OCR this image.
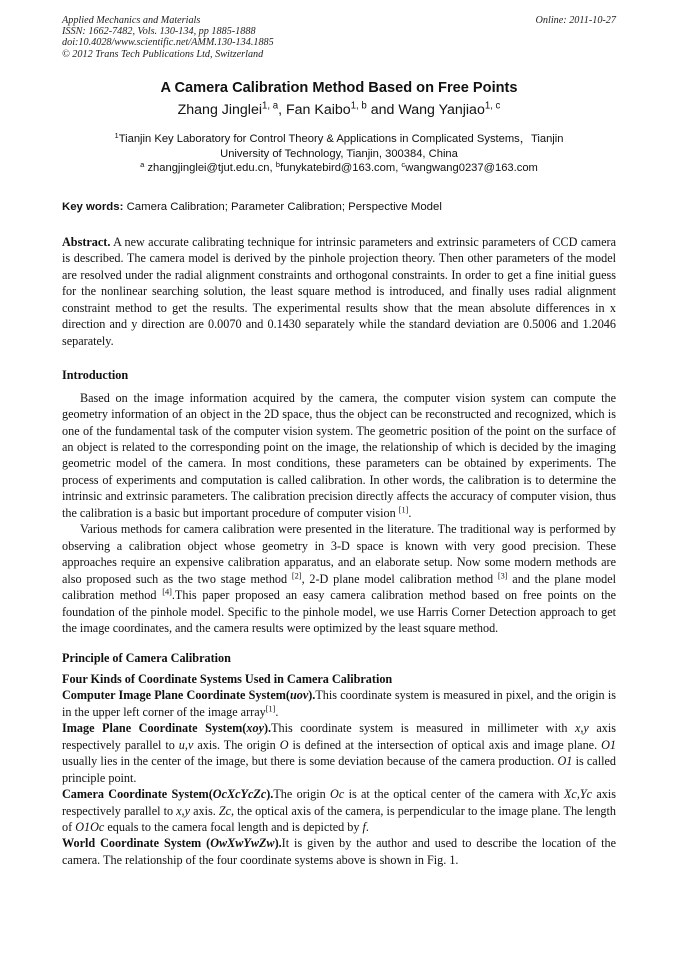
Applied Mechanics and Materials
ISSN: 1662-7482, Vols. 130-134, pp 1885-1888
doi:10.4028/www.scientific.net/AMM.130-134.1885
© 2012 Trans Tech Publications Ltd, Switzerland
Online: 2011-10-27
A Camera Calibration Method Based on Free Points
Zhang Jinglei$^{1, a}$, Fan Kaibo$^{1, b}$ and Wang Yanjiao$^{1, c}$
$^1$Tianjin Key Laboratory for Control Theory & Applications in Complicated Systems，Tianjin
University of Technology, Tianjin, 300384, China
$^a$ zhangjinglei@tjut.edu.cn, $^b$funykatebird@163.com, $^c$wangwang0237@163.com
Key words: Camera Calibration; Parameter Calibration; Perspective Model

Abstract. A new accurate calibrating technique for intrinsic parameters and extrinsic parameters of CCD camera is described. The camera model is derived by the pinhole projection theory. Then other parameters of the model are resolved under the radial alignment constraints and orthogonal constraints. In order to get a fine initial guess for the nonlinear searching solution, the least square method is introduced, and finally uses radial alignment constraint method to get the results. The experimental results show that the mean absolute differences in x direction and y direction are 0.0070 and 0.1430 separately while the standard deviation are 0.5006 and 1.2046 separately.

Introduction

Based on the image information acquired by the camera, the computer vision system can compute the geometry information of an object in the 2D space, thus the object can be reconstructed and recognized, which is one of the fundamental task of the computer vision system. The geometric position of the point on the surface of an object is related to the corresponding point on the image, the relationship of which is decided by the imaging geometric model of the camera. In most conditions, these parameters can be obtained by experiments. The process of experiments and computation is called calibration. In other words, the calibration is to determine the intrinsic and extrinsic parameters. The calibration precision directly affects the accuracy of computer vision, thus the calibration is a basic but important procedure of computer vision [1].

Various methods for camera calibration were presented in the literature. The traditional way is performed by observing a calibration object whose geometry in 3-D space is known with very good precision. These approaches require an expensive calibration apparatus, and an elaborate setup. Now some modern methods are also proposed such as the two stage method [2], 2-D plane model calibration method [3] and the plane model calibration method [4].This paper proposed an easy camera calibration method based on free points on the foundation of the pinhole model. Specific to the pinhole model, we use Harris Corner Detection approach to get the image coordinates, and the camera results were optimized by the least square method.

Principle of Camera Calibration

Four Kinds of Coordinate Systems Used in Camera Calibration

Computer Image Plane Coordinate System(uov).This coordinate system is measured in pixel, and the origin is in the upper left corner of the image array[1].

Image Plane Coordinate System(xoy).This coordinate system is measured in millimeter with x,y axis respectively parallel to u,v axis. The origin O is defined at the intersection of optical axis and image plane. O1 usually lies in the center of the image, but there is some deviation because of the camera production. O1 is called principle point.

Camera Coordinate System(OcXcYcZc).The origin Oc is at the optical center of the camera with Xc,Yc axis respectively parallel to x,y axis. Zc, the optical axis of the camera, is perpendicular to the image plane. The length of O1Oc equals to the camera focal length and is depicted by f.

World Coordinate System (OwXwYwZw).It is given by the author and used to describe the location of the camera. The relationship of the four coordinate systems above is shown in Fig. 1.
